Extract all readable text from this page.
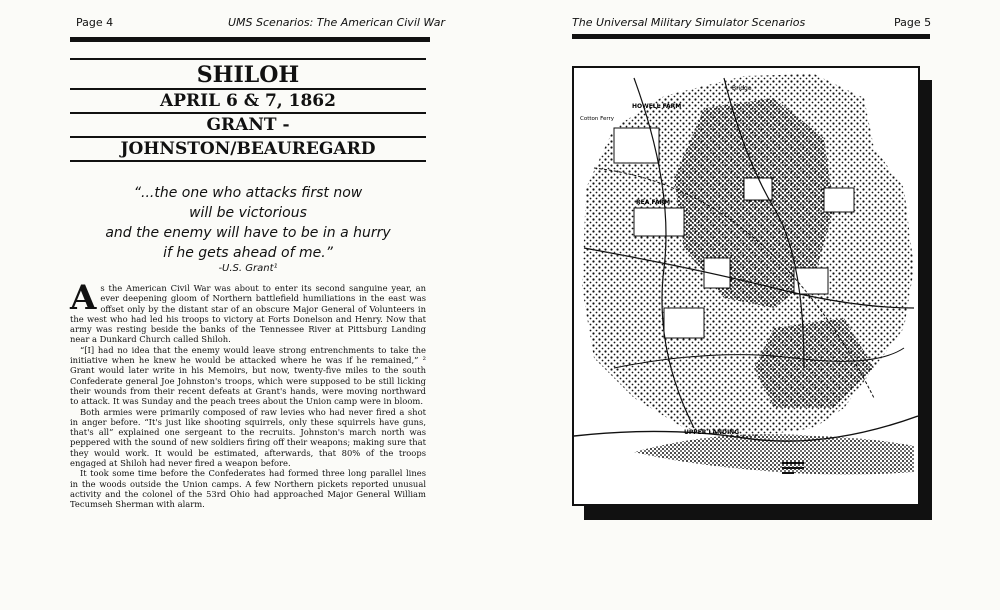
Page 4	UMS Scenarios: The American Civil War
SHILOH
APRIL 6 & 7, 1862
GRANT -
JOHNSTON/BEAUREGARD
“...the one who attacks first now
will be victorious
and the enemy will have to be in a hurry
if he gets ahead of me.”
-U.S. Grant¹

As the American Civil War was about to enter its second sanguine year, an ever deepening gloom of Northern battlefield humiliations in the east was offset only by the distant star of an obscure Major General of Volunteers in the west who had led his troops to victory at Forts Donelson and Henry. Now that army was resting beside the banks of the Tennessee River at Pittsburg Landing near a Dunkard Church called Shiloh.

“[I] had no idea that the enemy would leave strong entrenchments to take the initiative when he knew he would be attacked where he was if he remained,” ² Grant would later write in his Memoirs, but now, twenty-five miles to the south Confederate general Joe Johnston's troops, which were supposed to be still licking their wounds from their recent defeats at Grant's hands, were moving northward to attack. It was Sunday and the peach trees about the Union camp were in bloom.

Both armies were primarily composed of raw levies who had never fired a shot in anger before. “It's just like shooting squirrels, only these squirrels have guns, that's all” explained one sergeant to the recruits. Johnston's march north was peppered with the sound of new soldiers firing off their weapons; making sure that they would work. It would be estimated, afterwards, that 80% of the troops engaged at Shiloh had never fired a weapon before.

It took some time before the Confederates had formed three long parallel lines in the woods outside the Union camps. A few Northern pickets reported unusual activity and the colonel of the 53rd Ohio had approached Major General William Tecumseh Sherman with alarm.

The Universal Military Simulator Scenarios	Page 5
Bridge
HOWELL FARM
REA FARM
Cotton Ferry
UPPER LANDING
